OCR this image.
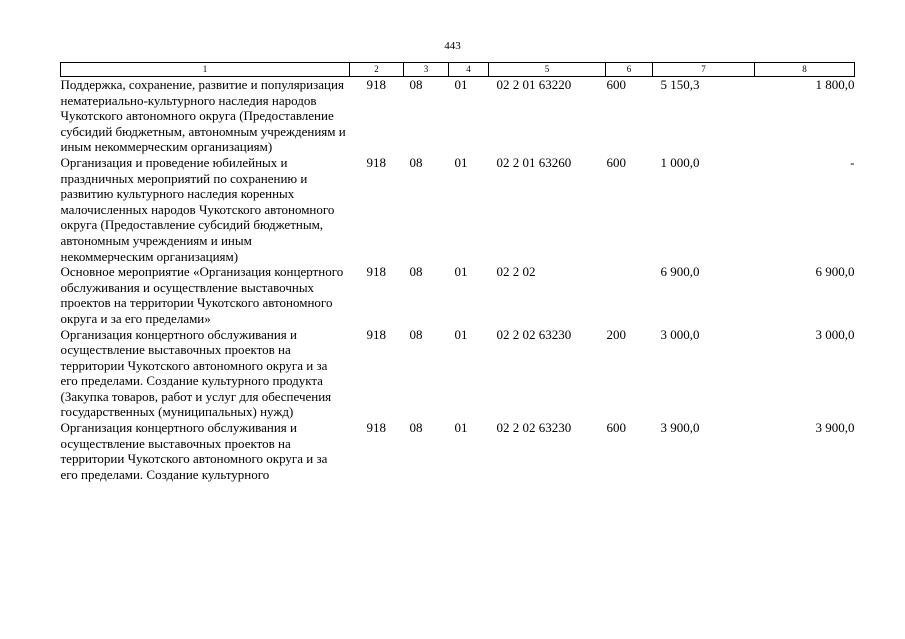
443
1	2	3	4	5	6	7	8
Поддержка, сохранение, развитие и популяризация нематериально-культурного наследия народов Чукотского автономного округа (Предоставление субсидий бюджетным, автономным учреждениям и иным некоммерческим организациям)	918	08	01	02 2 01 63220	600	5 150,3	1 800,0
Организация и проведение юбилейных и праздничных мероприятий по сохранению и развитию культурного наследия коренных малочисленных народов Чукотского автономного округа (Предоставление субсидий бюджетным, автономным учреждениям и иным некоммерческим организациям)	918	08	01	02 2 01 63260	600	1 000,0	-
Основное мероприятие «Организация концертного обслуживания и осуществление выставочных проектов на территории Чукотского автономного округа и за его пределами»	918	08	01	02 2 02		6 900,0	6 900,0
Организация концертного обслуживания и осуществление выставочных проектов на территории Чукотского автономного округа и за его пределами. Создание культурного продукта (Закупка товаров, работ и услуг для обеспечения государственных (муниципальных) нужд)	918	08	01	02 2 02 63230	200	3 000,0	3 000,0
Организация концертного обслуживания и осуществление выставочных проектов на территории Чукотского автономного округа и за его пределами. Создание культурного	918	08	01	02 2 02 63230	600	3 900,0	3 900,0
